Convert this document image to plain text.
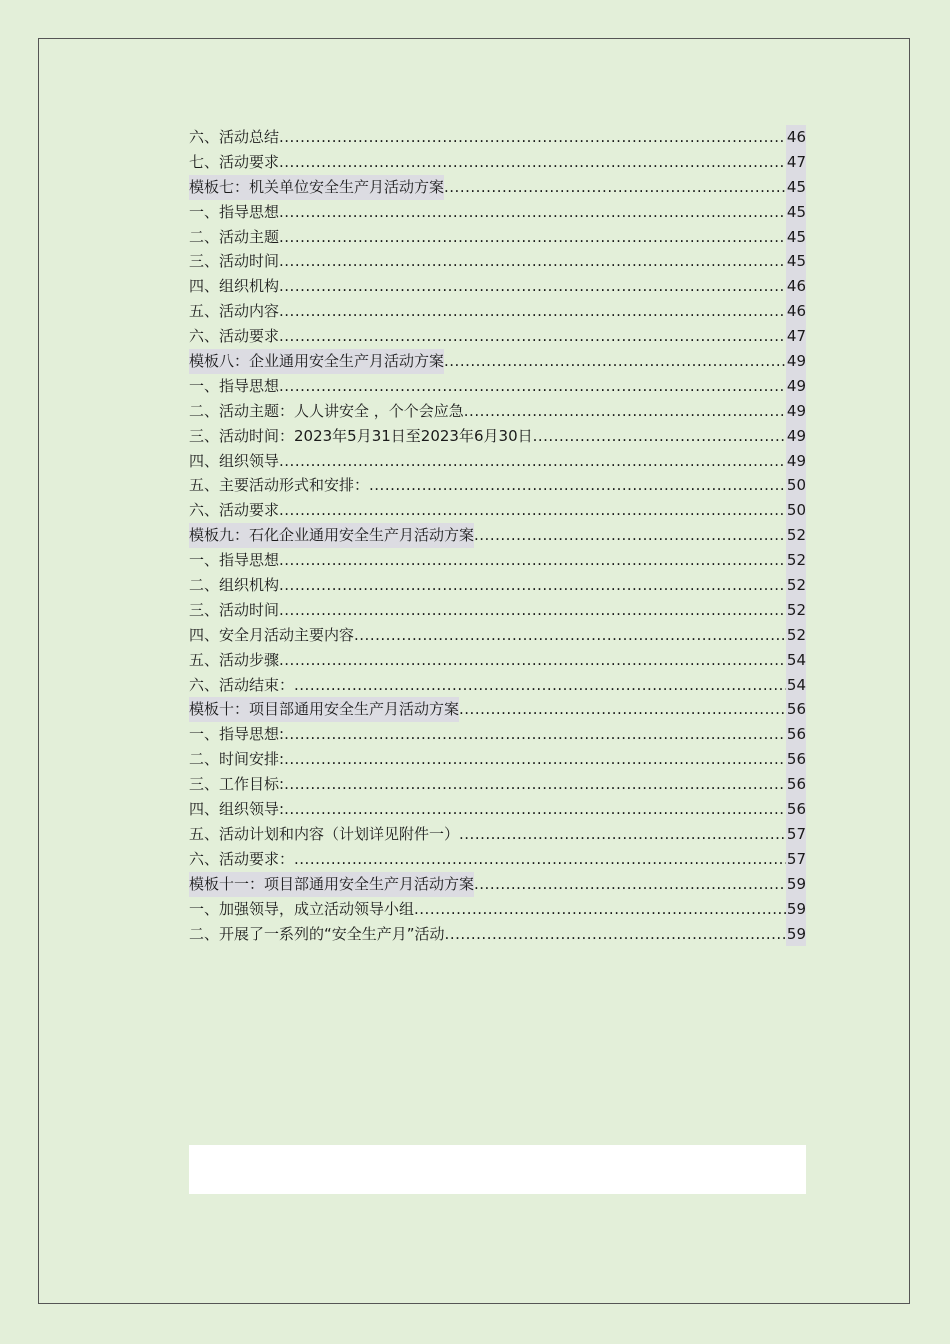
六、活动总结 .....	46
七、活动要求 .....	47
模板七：机关单位安全生产月活动方案 .....	45
一、指导思想 .....	45
二、活动主题 .....	45
三、活动时间 .....	45
四、组织机构 .....	46
五、活动内容 .....	46
六、活动要求 .....	47
模板八：企业通用安全生产月活动方案 .....	49
一、指导思想 .....	49
二、活动主题：人人讲安全 ，个个会应急 .....	49
三、活动时间：2023年5月31日至2023年6月30日 .....	49
四、组织领导 .....	49
五、主要活动形式和安排： .....	50
六、活动要求 .....	50
模板九：石化企业通用安全生产月活动方案 .....	52
一、指导思想 .....	52
二、组织机构 .....	52
三、活动时间 .....	52
四、安全月活动主要内容 .....	52
五、活动步骤 .....	54
六、活动结束： .....	54
模板十：项目部通用安全生产月活动方案 .....	56
一、指导思想: .....	56
二、时间安排: .....	56
三、工作目标: .....	56
四、组织领导: .....	56
五、活动计划和内容（计划详见附件一） .....	57
六、活动要求： .....	57
模板十一：项目部通用安全生产月活动方案 .....	59
一、加强领导，成立活动领导小组 .....	59
二、开展了一系列的“安全生产月”活动 .....	59
